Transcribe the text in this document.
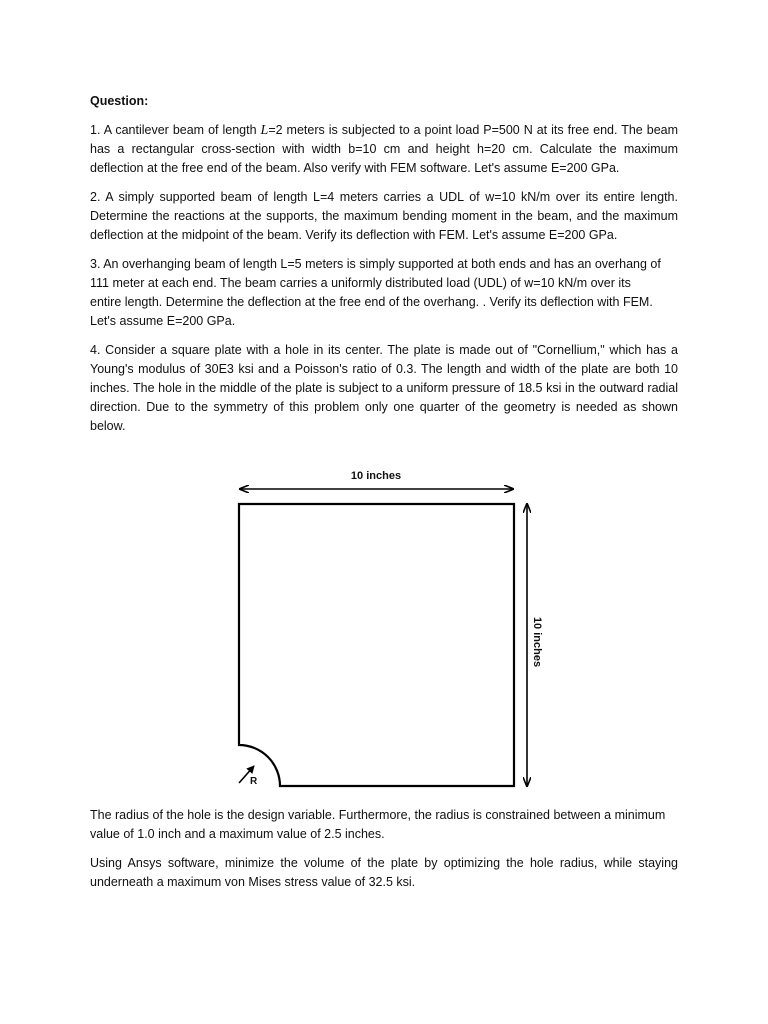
Question:
1. A cantilever beam of length L=2 meters is subjected to a point load P=500 N at its free end. The beam has a rectangular cross-section with width b=10 cm and height h=20 cm. Calculate the maximum deflection at the free end of the beam. Also verify with FEM software. Let's assume E=200 GPa.
2. A simply supported beam of length L=4 meters carries a UDL of w=10 kN/m over its entire length. Determine the reactions at the supports, the maximum bending moment in the beam, and the maximum deflection at the midpoint of the beam. Verify its deflection with FEM. Let's assume E=200 GPa.
3. An overhanging beam of length L=5 meters is simply supported at both ends and has an overhang of
111 meter at each end. The beam carries a uniformly distributed load (UDL) of w=10 kN/m over its
entire length. Determine the deflection at the free end of the overhang. . Verify its deflection with FEM.
Let's assume E=200 GPa.
4. Consider a square plate with a hole in its center. The plate is made out of "Cornellium," which has a Young's modulus of 30E3 ksi and a Poisson's ratio of 0.3. The length and width of the plate are both 10 inches. The hole in the middle of the plate is subject to a uniform pressure of 18.5 ksi in the outward radial direction. Due to the symmetry of this problem only one quarter of the geometry is needed as shown below.
10 inches
10 inches
R
The radius of the hole is the design variable. Furthermore, the radius is constrained between a minimum
value of 1.0 inch and a maximum value of 2.5 inches.
Using Ansys software, minimize the volume of the plate by optimizing the hole radius, while staying underneath a maximum von Mises stress value of 32.5 ksi.
